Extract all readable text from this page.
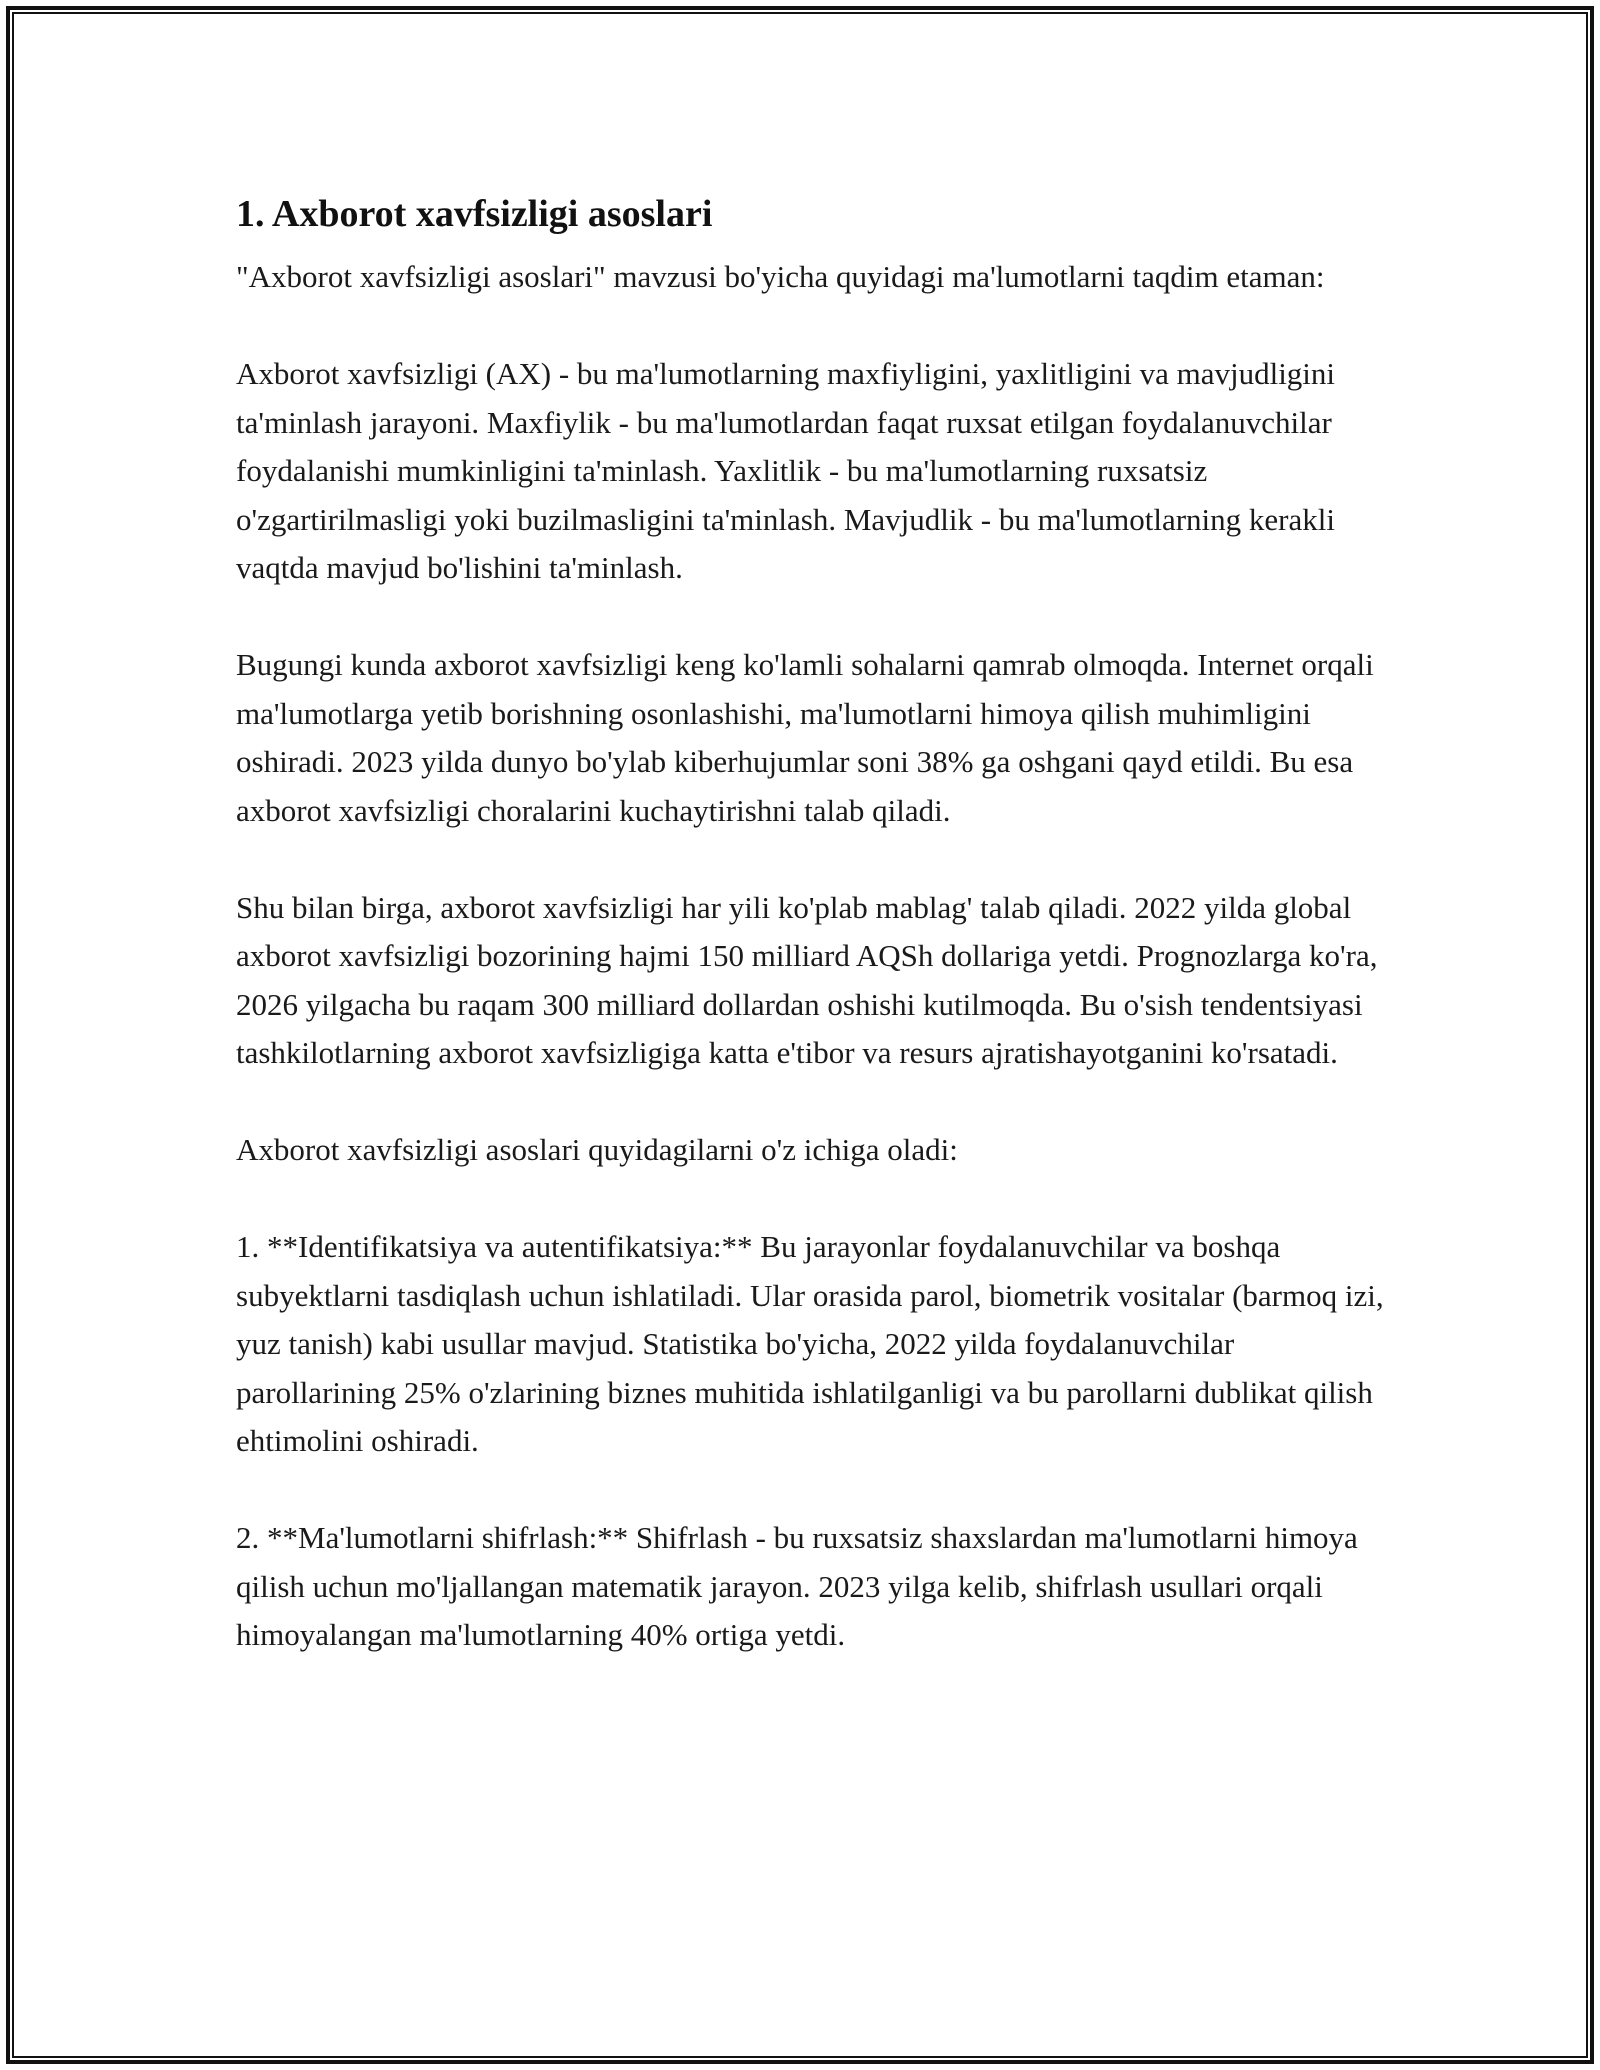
1. Axborot xavfsizligi asoslari

"Axborot xavfsizligi asoslari" mavzusi bo'yicha quyidagi ma'lumotlarni taqdim etaman:

Axborot xavfsizligi (AX) - bu ma'lumotlarning maxfiyligini, yaxlitligini va mavjudligini ta'minlash jarayoni. Maxfiylik - bu ma'lumotlardan faqat ruxsat etilgan foydalanuvchilar foydalanishi mumkinligini ta'minlash. Yaxlitlik - bu ma'lumotlarning ruxsatsiz o'zgartirilmasligi yoki buzilmasligini ta'minlash. Mavjudlik - bu ma'lumotlarning kerakli vaqtda mavjud bo'lishini ta'minlash.

Bugungi kunda axborot xavfsizligi keng ko'lamli sohalarni qamrab olmoqda. Internet orqali ma'lumotlarga yetib borishning osonlashishi, ma'lumotlarni himoya qilish muhimligini oshiradi. 2023 yilda dunyo bo'ylab kiberhujumlar soni 38% ga oshgani qayd etildi. Bu esa axborot xavfsizligi choralarini kuchaytirishni talab qiladi.

Shu bilan birga, axborot xavfsizligi har yili ko'plab mablag' talab qiladi. 2022 yilda global axborot xavfsizligi bozorining hajmi 150 milliard AQSh dollariga yetdi. Prognozlarga ko'ra, 2026 yilgacha bu raqam 300 milliard dollardan oshishi kutilmoqda. Bu o'sish tendentsiyasi tashkilotlarning axborot xavfsizligiga katta e'tibor va resurs ajratishayotganini ko'rsatadi.

Axborot xavfsizligi asoslari quyidagilarni o'z ichiga oladi:

1. **Identifikatsiya va autentifikatsiya:** Bu jarayonlar foydalanuvchilar va boshqa subyektlarni tasdiqlash uchun ishlatiladi. Ular orasida parol, biometrik vositalar (barmoq izi, yuz tanish) kabi usullar mavjud. Statistika bo'yicha, 2022 yilda foydalanuvchilar parollarining 25% o'zlarining biznes muhitida ishlatilganligi va bu parollarni dublikat qilish ehtimolini oshiradi.

2. **Ma'lumotlarni shifrlash:** Shifrlash - bu ruxsatsiz shaxslardan ma'lumotlarni himoya qilish uchun mo'ljallangan matematik jarayon. 2023 yilga kelib, shifrlash usullari orqali himoyalangan ma'lumotlarning 40% ortiga yetdi.
